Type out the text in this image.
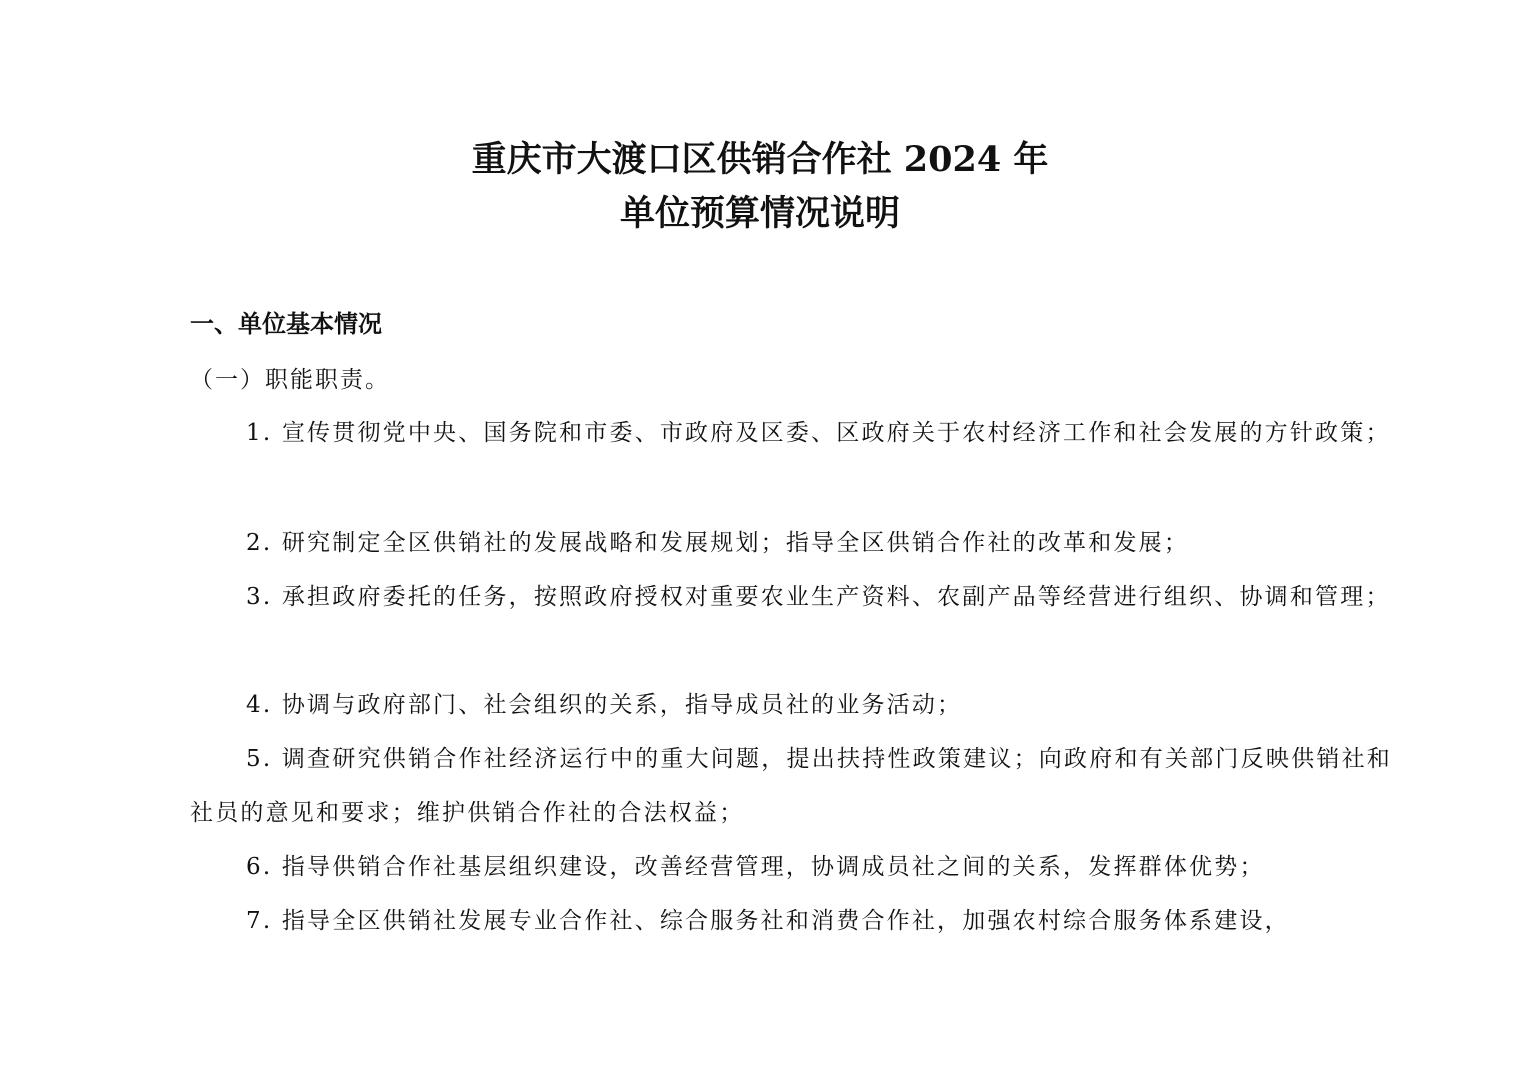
重庆市大渡口区供销合作社 2024 年
单位预算情况说明
一、单位基本情况
（一）职能职责。
1. 宣传贯彻党中央、国务院和市委、市政府及区委、区政府关于农村经济工作和社会发展的方针政策；
2. 研究制定全区供销社的发展战略和发展规划；指导全区供销合作社的改革和发展；
3. 承担政府委托的任务，按照政府授权对重要农业生产资料、农副产品等经营进行组织、协调和管理；
4. 协调与政府部门、社会组织的关系，指导成员社的业务活动；
5. 调查研究供销合作社经济运行中的重大问题，提出扶持性政策建议；向政府和有关部门反映供销社和社员的意见和要求；维护供销合作社的合法权益；
6. 指导供销合作社基层组织建设，改善经营管理，协调成员社之间的关系，发挥群体优势；
7. 指导全区供销社发展专业合作社、综合服务社和消费合作社，加强农村综合服务体系建设，
